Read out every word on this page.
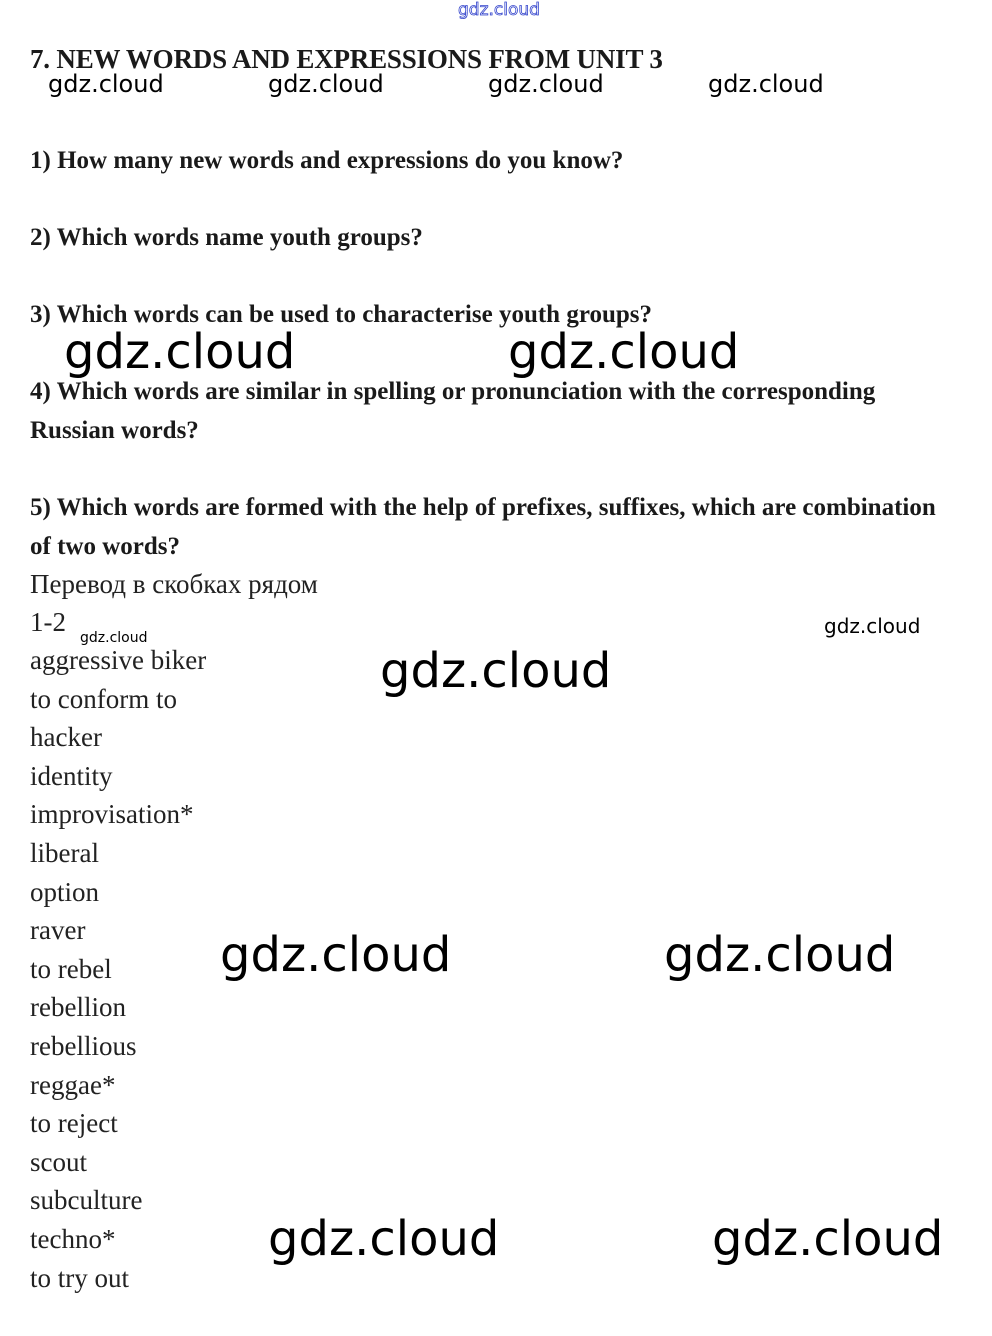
gdz.cloud
7. NEW WORDS AND EXPRESSIONS FROM UNIT 3
gdz.cloud	gdz.cloud	gdz.cloud	gdz.cloud
1) How many new words and expressions do you know?
2) Which words name youth groups?
3) Which words can be used to characterise youth groups?
4) Which words are similar in spelling or pronunciation with the corresponding Russian words?
5) Which words are formed with the help of prefixes, suffixes, which are combination of two words?
gdz.cloud	gdz.cloud
Перевод в скобках рядом
1-2
gdz.cloud	gdz.cloud
aggressive biker
to conform to
hacker
identity
improvisation*
liberal
option
raver
to rebel
rebellion
rebellious
reggae*
to reject
scout
subculture
techno*
to try out
gdz.cloud
gdz.cloud	gdz.cloud
gdz.cloud	gdz.cloud
